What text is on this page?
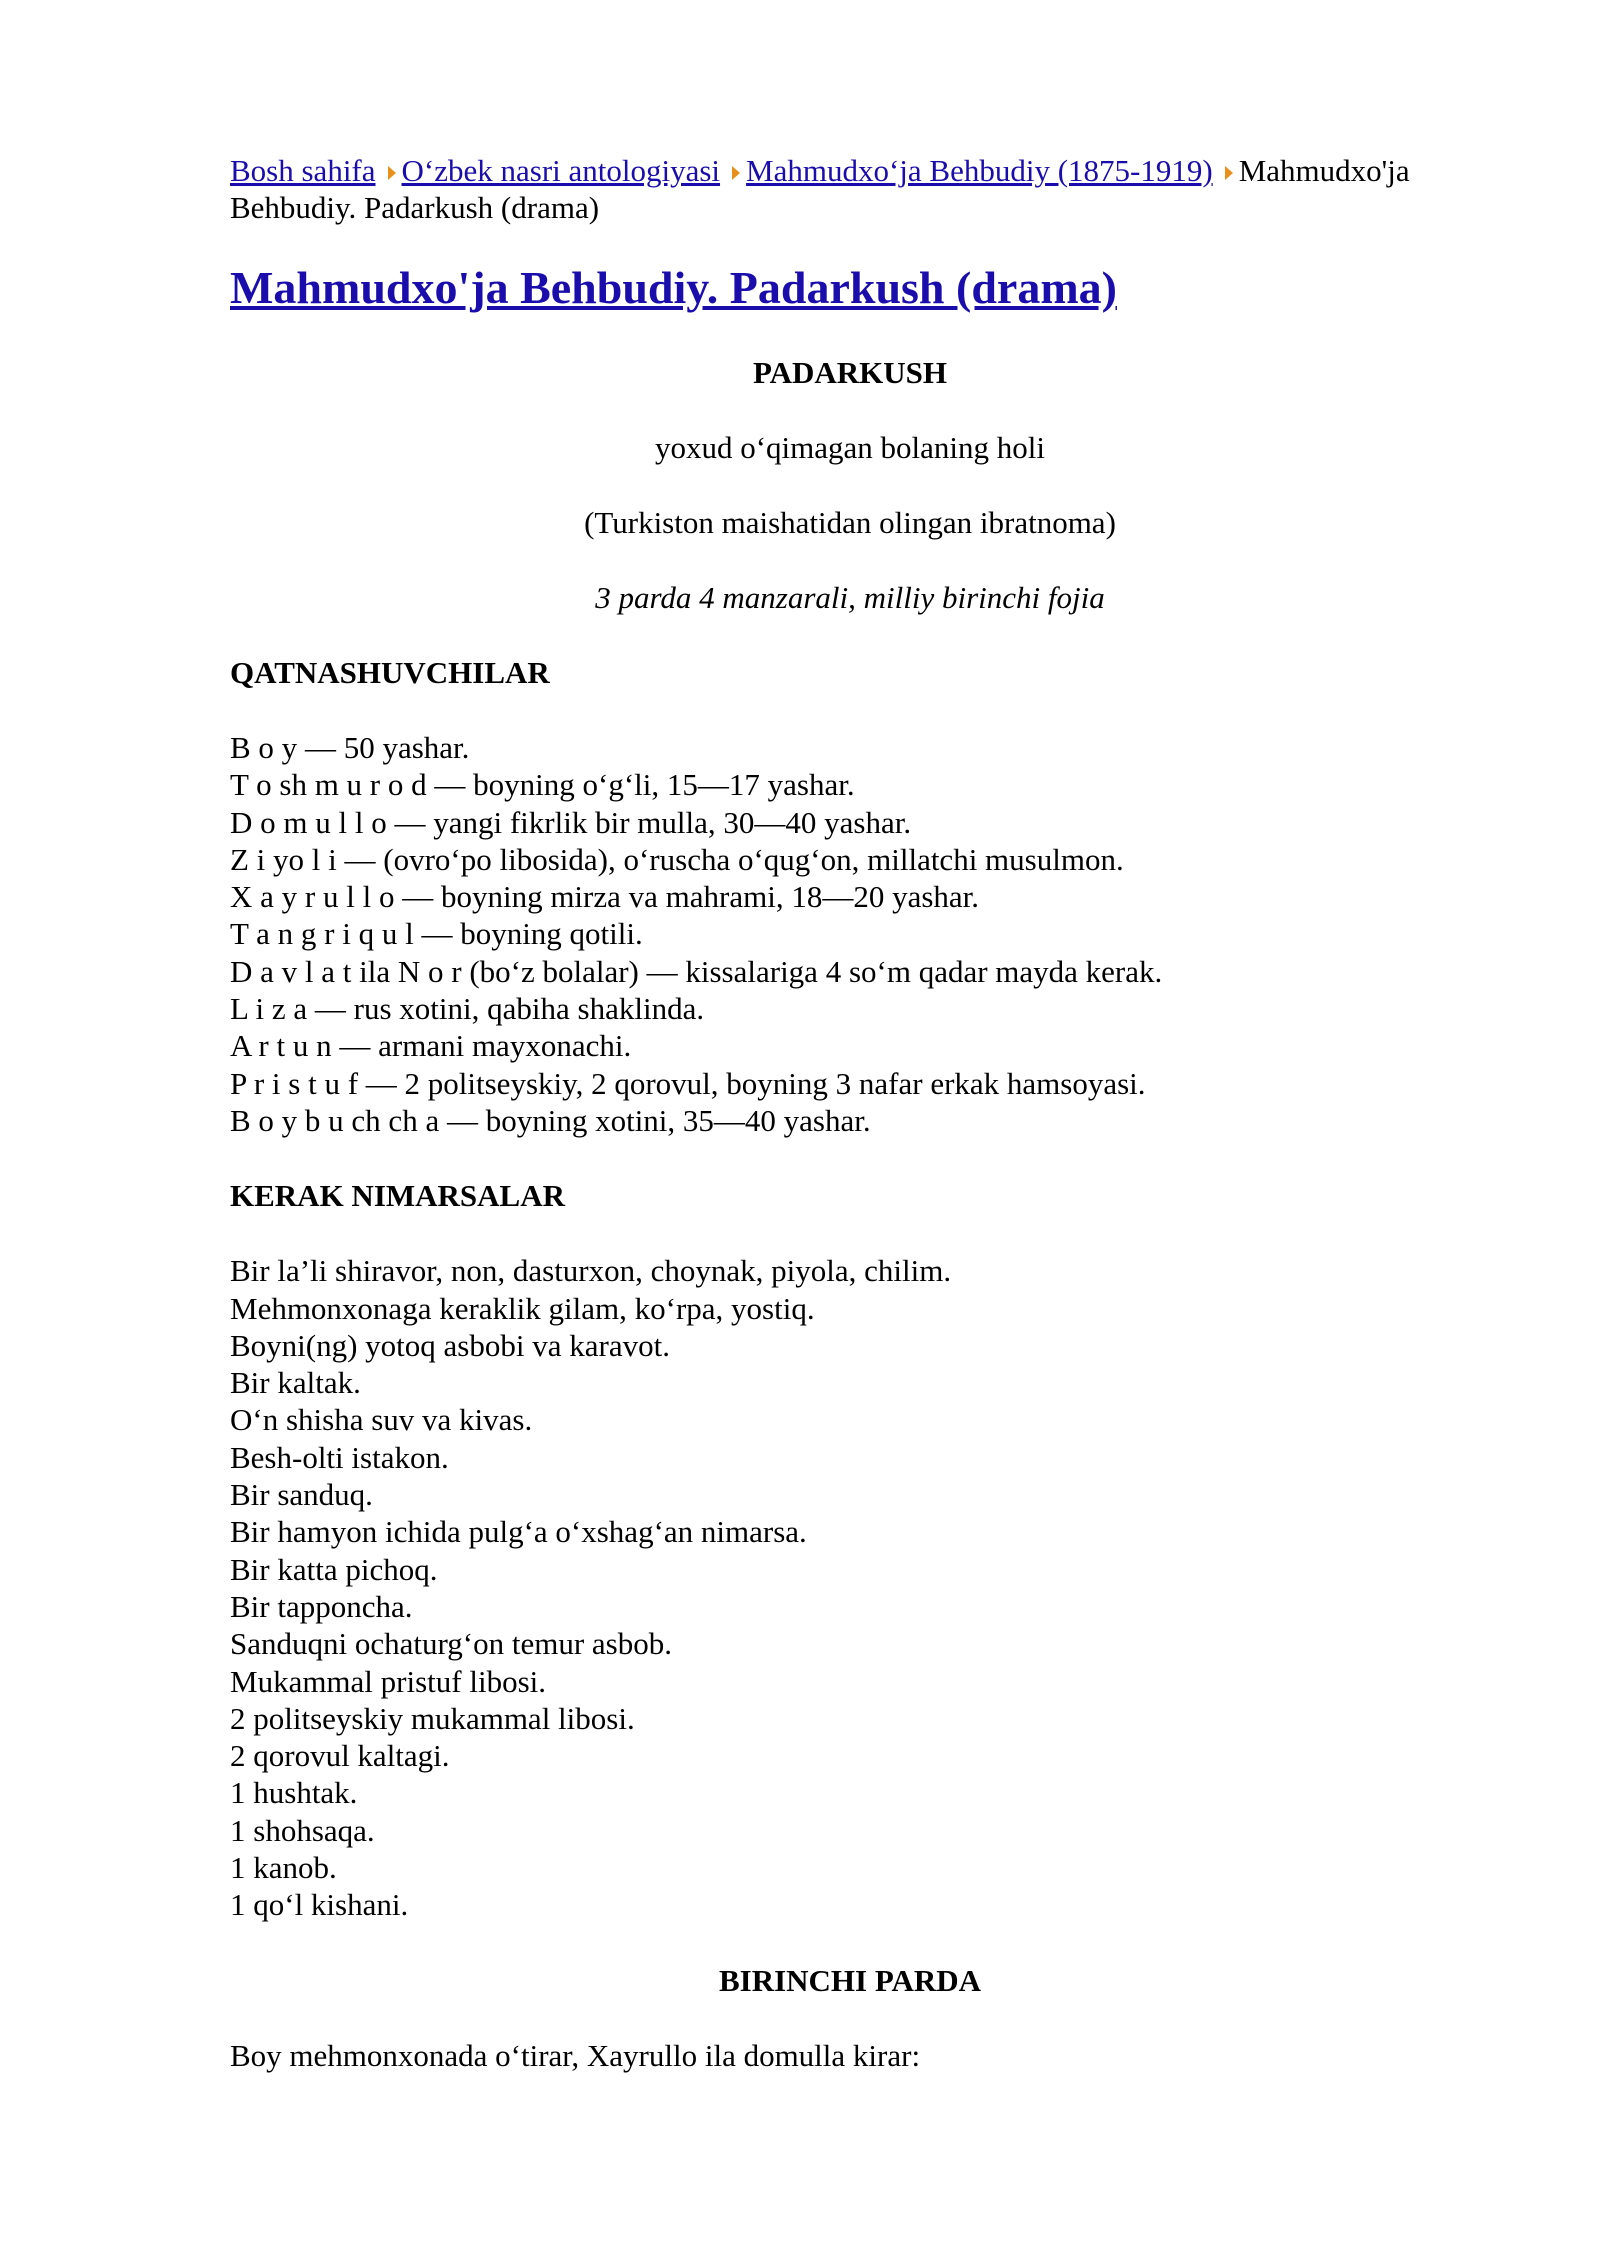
Bosh sahifa O‘zbek nasri antologiyasi Mahmudxo‘ja Behbudiy (1875-1919) Mahmudxo'ja Behbudiy. Padarkush (drama)
Mahmudxo'ja Behbudiy. Padarkush (drama)
PADARKUSH
yoxud o‘qimagan bolaning holi
(Turkiston maishatidan olingan ibratnoma)
3 parda 4 manzarali, milliy birinchi fojia
QATNASHUVCHILAR
B o y — 50 yashar.
T o sh m u r o d — boyning o‘g‘li, 15—17 yashar.
D o m u l l o — yangi fikrlik bir mulla, 30—40 yashar.
Z i yo l i — (ovro‘po libosida), o‘ruscha o‘qug‘on, millatchi musulmon.
X a y r u l l o — boyning mirza va mahrami, 18—20 yashar.
T a n g r i q u l — boyning qotili.
D a v l a t ila N o r (bo‘z bolalar) — kissalariga 4 so‘m qadar mayda kerak.
L i z a — rus xotini, qabiha shaklinda.
A r t u n — armani mayxonachi.
P r i s t u f — 2 politseyskiy, 2 qorovul, boyning 3 nafar erkak hamsoyasi.
B o y b u ch ch a — boyning xotini, 35—40 yashar.
KERAK NIMARSALAR
Bir la’li shiravor, non, dasturxon, choynak, piyola, chilim.
Mehmonxonaga keraklik gilam, ko‘rpa, yostiq.
Boyni(ng) yotoq asbobi va karavot.
Bir kaltak.
O‘n shisha suv va kivas.
Besh-olti istakon.
Bir sanduq.
Bir hamyon ichida pulg‘a o‘xshag‘an nimarsa.
Bir katta pichoq.
Bir tapponcha.
Sanduqni ochaturg‘on temur asbob.
Mukammal pristuf libosi.
2 politseyskiy mukammal libosi.
2 qorovul kaltagi.
1 hushtak.
1 shohsaqa.
1 kanob.
1 qo‘l kishani.
BIRINCHI PARDA
Boy mehmonxonada o‘tirar, Xayrullo ila domulla kirar:
